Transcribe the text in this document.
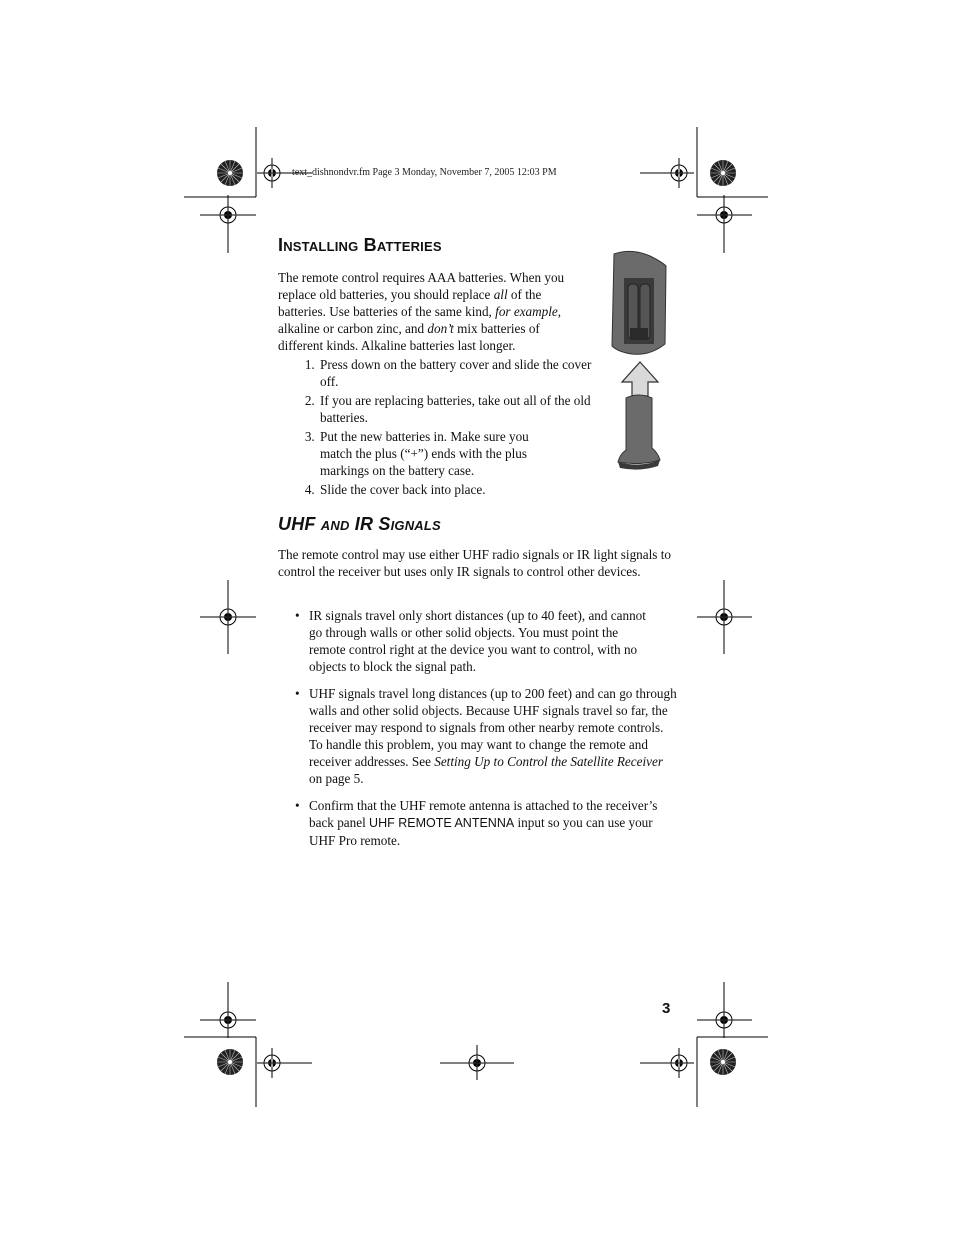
text_dishnondvr.fm Page 3 Monday, November 7, 2005 12:03 PM
Installing Batteries
The remote control requires AAA batteries. When you replace old batteries, you should replace all of the batteries. Use batteries of the same kind, for example, alkaline or carbon zinc, and don’t mix batteries of different kinds. Alkaline batteries last longer.
1. Press down on the battery cover and slide the cover off.
2. If you are replacing batteries, take out all of the old batteries.
3. Put the new batteries in. Make sure you match the plus (“+”) ends with the plus markings on the battery case.
4. Slide the cover back into place.
UHF and IR Signals
The remote control may use either UHF radio signals or IR light signals to control the receiver but uses only IR signals to control other devices.
• IR signals travel only short distances (up to 40 feet), and cannot go through walls or other solid objects. You must point the remote control right at the device you want to control, with no objects to block the signal path.
• UHF signals travel long distances (up to 200 feet) and can go through walls and other solid objects. Because UHF signals travel so far, the receiver may respond to signals from other nearby remote controls. To handle this problem, you may want to change the remote and receiver addresses. See Setting Up to Control the Satellite Receiver on page 5.
• Confirm that the UHF remote antenna is attached to the receiver’s back panel UHF REMOTE ANTENNA input so you can use your UHF Pro remote.
3
